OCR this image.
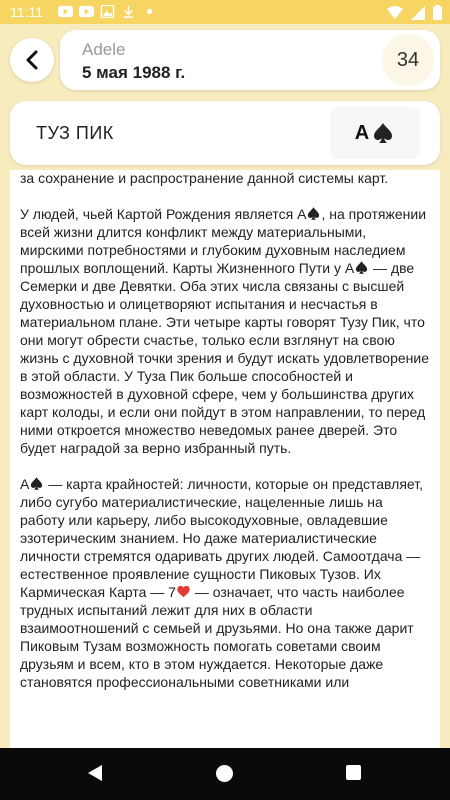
11:11
Adele
5 мая 1988 г.
34
ТУЗ ПИК	А

за сохранение и распространение данной системы карт.

У людей, чьей Картой Рождения является А , на протяжении всей жизни длится конфликт между материальными, мирскими потребностями и глубоким духовным наследием прошлых воплощений. Карты Жизненного Пути у А — две Семерки и две Девятки. Оба этих числа связаны с высшей духовностью и олицетворяют испытания и несчастья в материальном плане. Эти четыре карты говорят Тузу Пик, что они могут обрести счастье, только если взглянут на свою жизнь с духовной точки зрения и будут искать удовлетворение в этой области. У Туза Пик больше способностей и возможностей в духовной сфере, чем у большинства других карт колоды, и если они пойдут в этом направлении, то перед ними откроется множество неведомых ранее дверей. Это будет наградой за верно избранный путь.

А — карта крайностей: личности, которые он представляет, либо сугубо материалистические, нацеленные лишь на работу или карьеру, либо высокодуховные, овладевшие эзотерическим знанием. Но даже материалистические личности стремятся одаривать других людей. Самоотдача — естественное проявление сущности Пиковых Тузов. Их Кармическая Карта — 7 — означает, что часть наиболее трудных испытаний лежит для них в области взаимоотношений с семьей и друзьями. Но она также дарит Пиковым Тузам возможность помогать советами своим друзьям и всем, кто в этом нуждается. Некоторые даже становятся профессиональными советниками или
